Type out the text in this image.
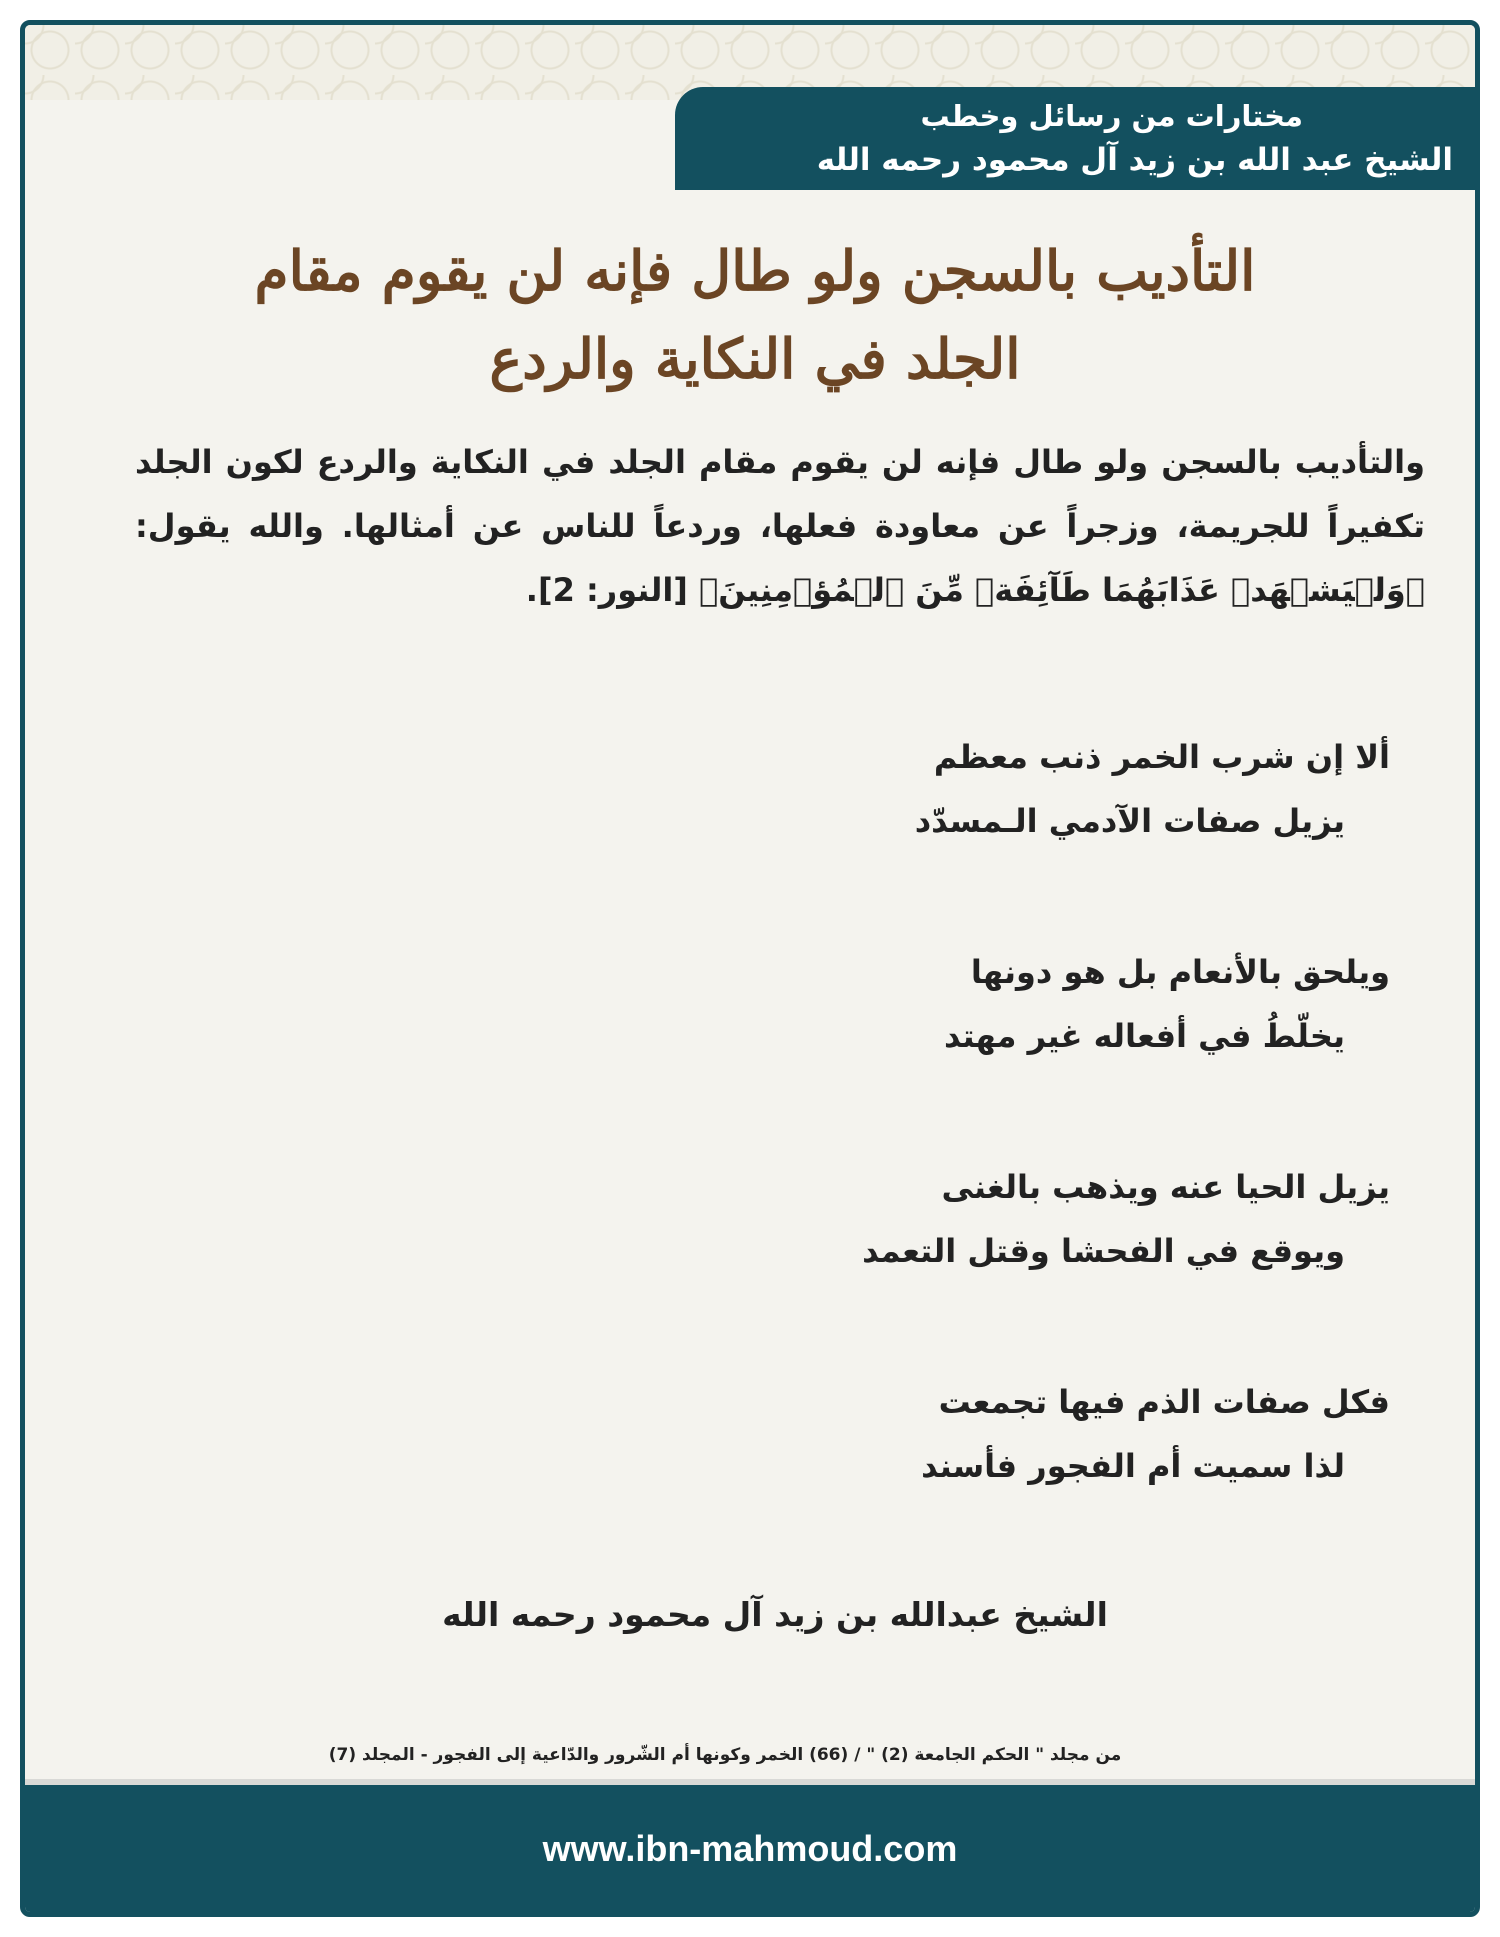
مختارات من رسائل وخطب
الشيخ عبد الله بن زيد آل محمود رحمه الله
التأديب بالسجن ولو طال فإنه لن يقوم مقام
الجلد في النكاية والردع
والتأديب بالسجن ولو طال فإنه لن يقوم مقام الجلد في النكاية والردع لكون الجلد تكفيراً للجريمة، وزجراً عن معاودة فعلها، وردعاً للناس عن أمثالها. والله يقول: ﴿وَلۡيَشۡهَدۡ عَذَابَهُمَا طَآئِفَةٞ مِّنَ ٱلۡمُؤۡمِنِينَ﴾ [النور: 2].
ألا إن شرب الخمر ذنب معظم
يزيل صفات الآدمي الـمسدّد
ويلحق بالأنعام بل هو دونها
يخلّطُ في أفعاله غير مهتد
يزيل الحيا عنه ويذهب بالغنى
ويوقع في الفحشا وقتل التعمد
فكل صفات الذم فيها تجمعت
لذا سميت أم الفجور فأسند
الشيخ عبدالله بن زيد آل محمود رحمه الله
من مجلد " الحكم الجامعة (2) " / (66) الخمر وكونها أم الشّرور والدّاعية إلى الفجور - المجلد (7)
www.ibn-mahmoud.com
